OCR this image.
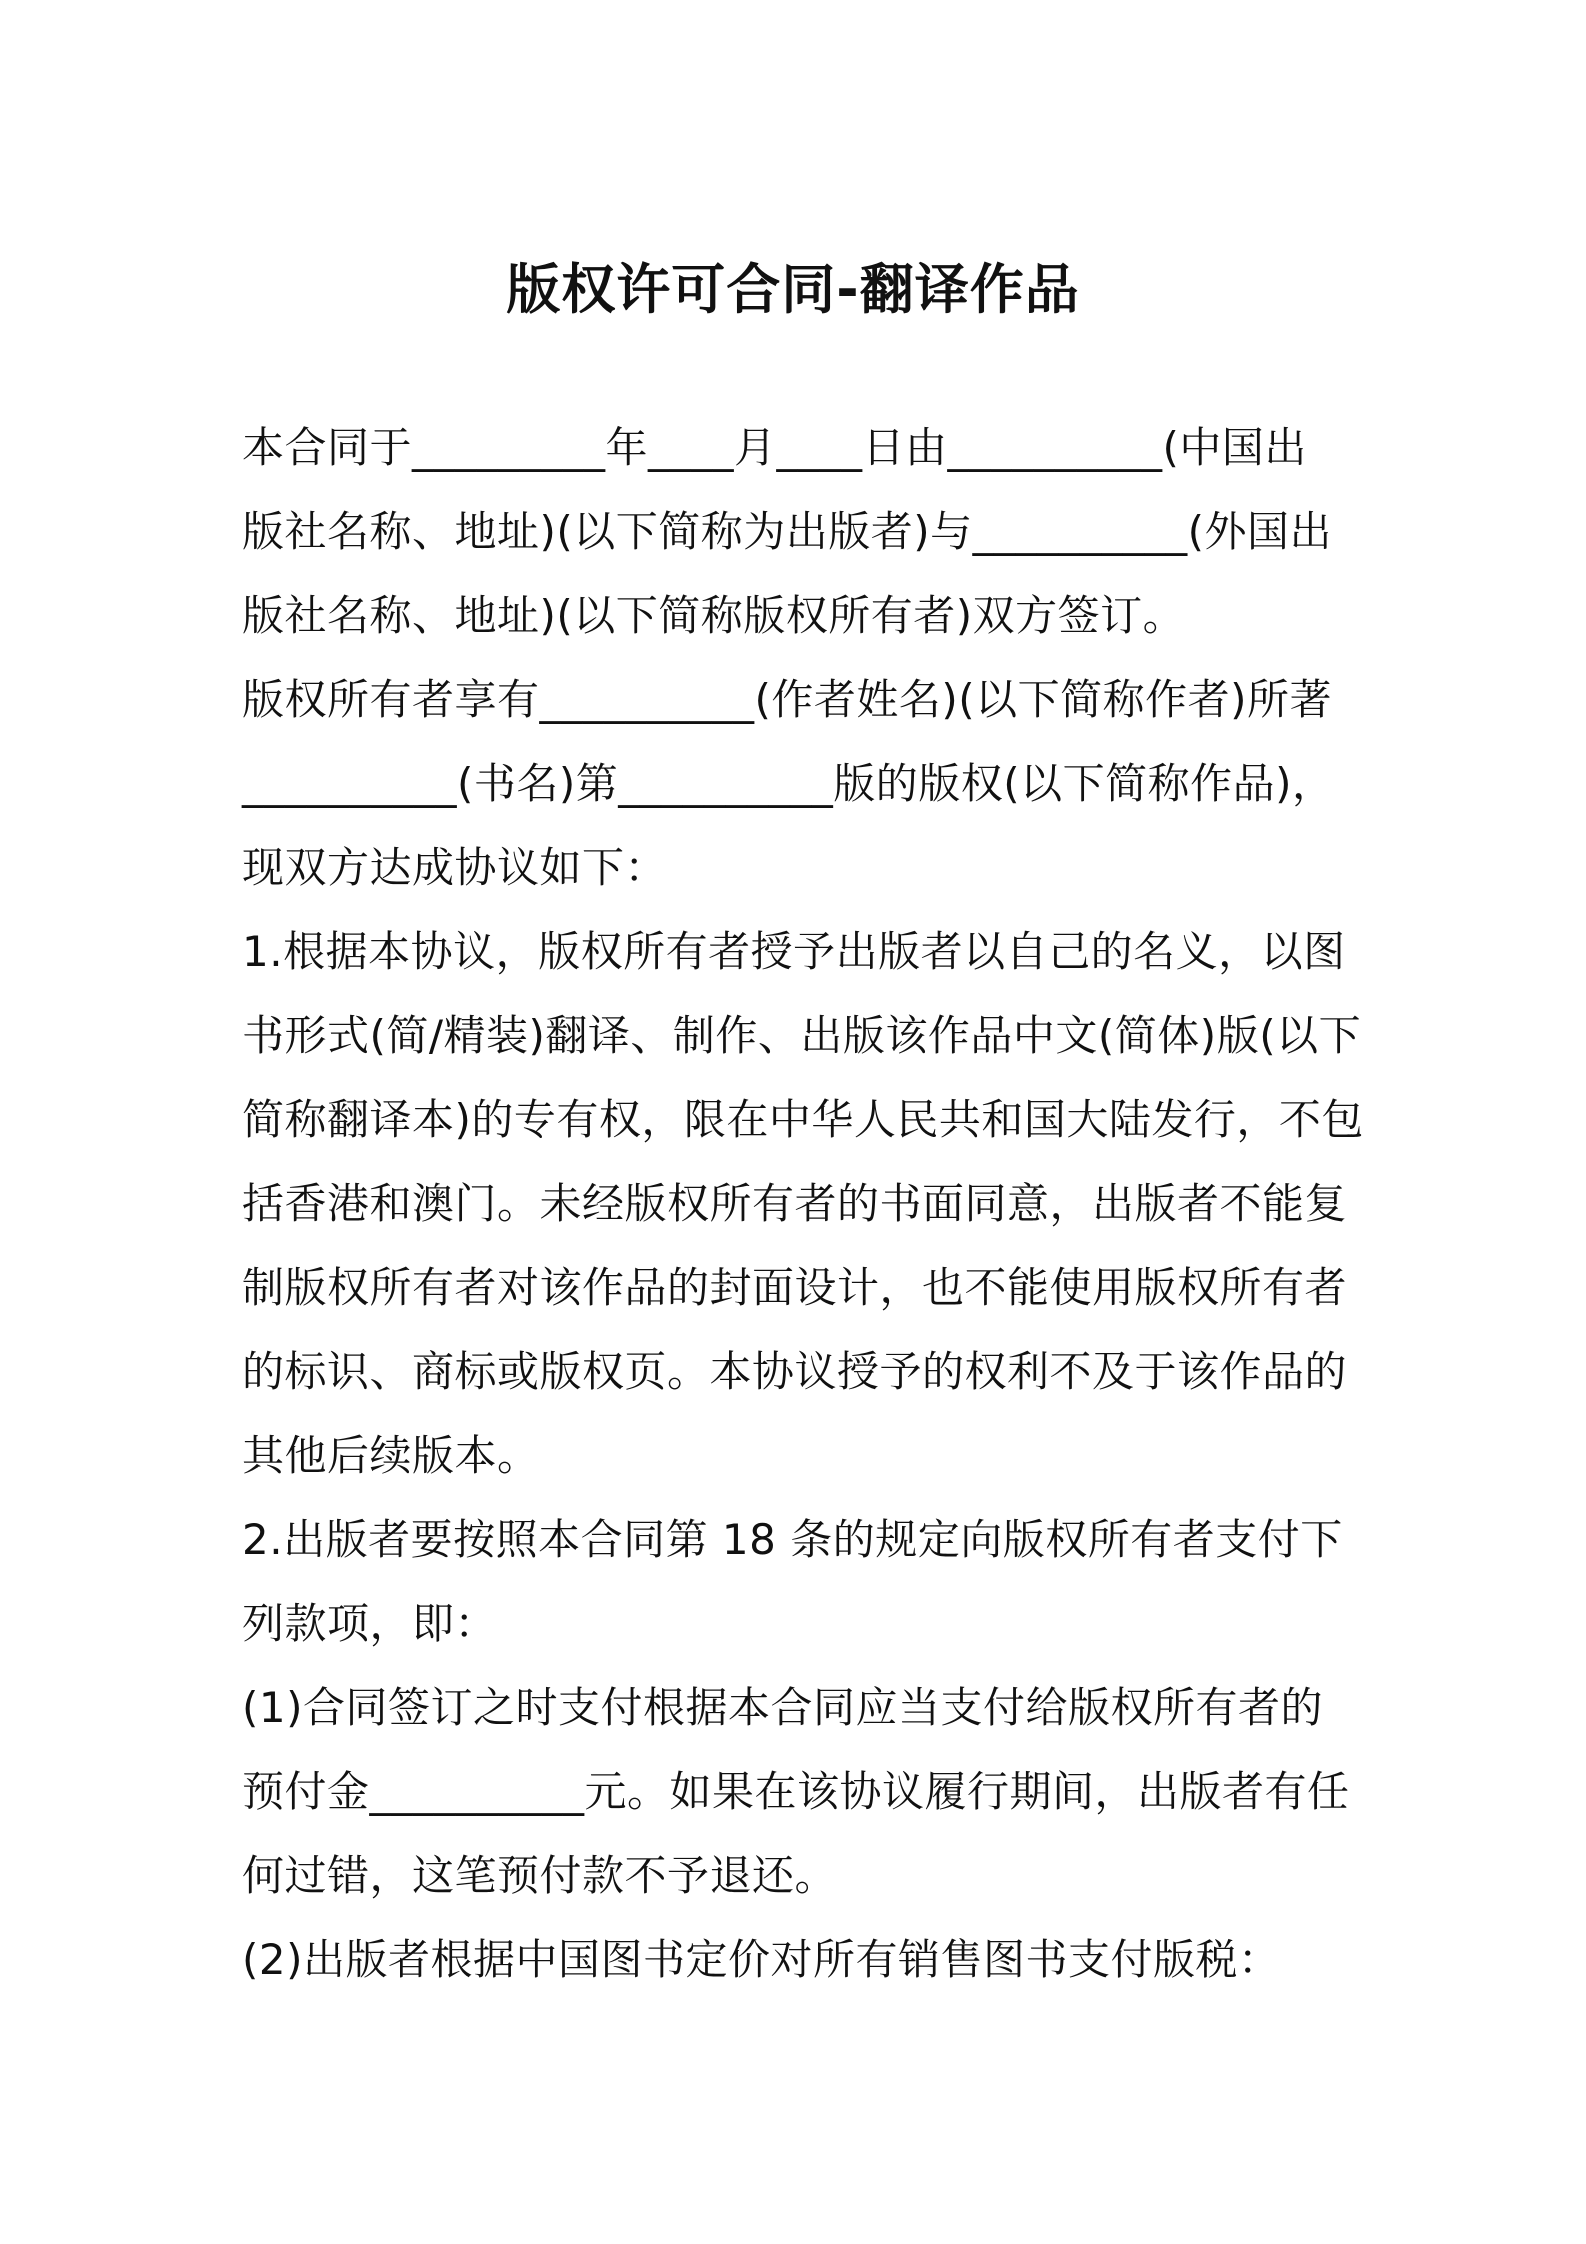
版权许可合同-翻译作品
本合同于_________年____月____日由__________(中国出
版社名称、地址)(以下简称为出版者)与__________(外国出
版社名称、地址)(以下简称版权所有者)双方签订。
版权所有者享有__________(作者姓名)(以下简称作者)所著
__________(书名)第__________版的版权(以下简称作品)，
现双方达成协议如下：
1.根据本协议，版权所有者授予出版者以自己的名义，以图
书形式(简/精装)翻译、制作、出版该作品中文(简体)版(以下
简称翻译本)的专有权，限在中华人民共和国大陆发行，不包
括香港和澳门。未经版权所有者的书面同意，出版者不能复
制版权所有者对该作品的封面设计，也不能使用版权所有者
的标识、商标或版权页。本协议授予的权利不及于该作品的
其他后续版本。
2.出版者要按照本合同第 18 条的规定向版权所有者支付下
列款项，即：
(1)合同签订之时支付根据本合同应当支付给版权所有者的
预付金__________元。如果在该协议履行期间，出版者有任
何过错，这笔预付款不予退还。
(2)出版者根据中国图书定价对所有销售图书支付版税：
